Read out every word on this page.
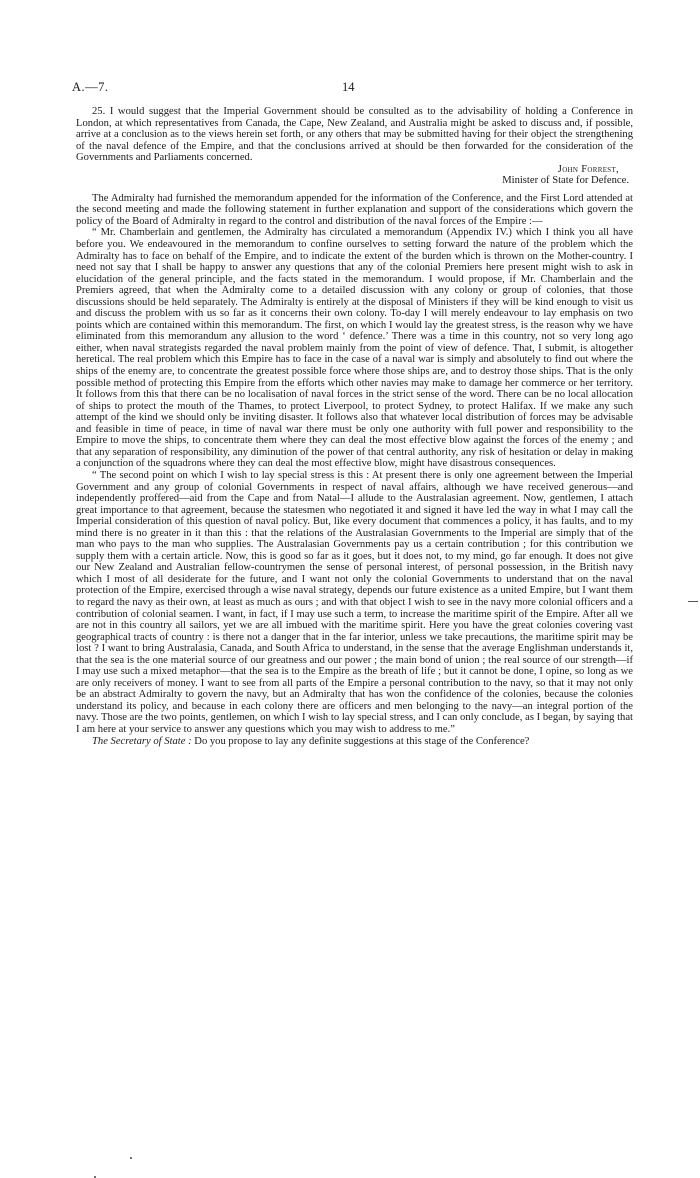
A.—7.	14

25. I would suggest that the Imperial Government should be consulted as to the advisability of holding a Conference in London, at which representatives from Canada, the Cape, New Zealand, and Australia might be asked to discuss and, if possible, arrive at a conclusion as to the views herein set forth, or any others that may be submitted having for their object the strengthening of the naval defence of the Empire, and that the conclusions arrived at should be then forwarded for the consideration of the Governments and Parliaments concerned.

John Forrest,
Minister of State for Defence.

The Admiralty had furnished the memorandum appended for the information of the Conference, and the First Lord attended at the second meeting and made the following statement in further explanation and support of the considerations which govern the policy of the Board of Admiralty in regard to the control and distribution of the naval forces of the Empire :—

“ Mr. Chamberlain and gentlemen, the Admiralty has circulated a memorandum (Appendix IV.) which I think you all have before you. We endeavoured in the memorandum to confine ourselves to setting forward the nature of the problem which the Admiralty has to face on behalf of the Empire, and to indicate the extent of the burden which is thrown on the Mother-country. I need not say that I shall be happy to answer any questions that any of the colonial Premiers here present might wish to ask in elucidation of the general principle, and the facts stated in the memorandum. I would propose, if Mr. Chamberlain and the Premiers agreed, that when the Admiralty come to a detailed discussion with any colony or group of colonies, that those discussions should be held separately. The Admiralty is entirely at the disposal of Ministers if they will be kind enough to visit us and discuss the problem with us so far as it concerns their own colony. To-day I will merely endeavour to lay emphasis on two points which are contained within this memorandum. The first, on which I would lay the greatest stress, is the reason why we have eliminated from this memorandum any allusion to the word ‘ defence.’ There was a time in this country, not so very long ago either, when naval strategists regarded the naval problem mainly from the point of view of defence. That, I submit, is altogether heretical. The real problem which this Empire has to face in the case of a naval war is simply and absolutely to find out where the ships of the enemy are, to concentrate the greatest possible force where those ships are, and to destroy those ships. That is the only possible method of protecting this Empire from the efforts which other navies may make to damage her commerce or her territory. It follows from this that there can be no localisation of naval forces in the strict sense of the word. There can be no local allocation of ships to protect the mouth of the Thames, to protect Liverpool, to protect Sydney, to protect Halifax. If we make any such attempt of the kind we should only be inviting disaster. It follows also that whatever local distribution of forces may be advisable and feasible in time of peace, in time of naval war there must be only one authority with full power and responsibility to the Empire to move the ships, to concentrate them where they can deal the most effective blow against the forces of the enemy ; and that any separation of responsibility, any diminution of the power of that central authority, any risk of hesitation or delay in making a conjunction of the squadrons where they can deal the most effective blow, might have disastrous consequences.

“ The second point on which I wish to lay special stress is this : At present there is only one agreement between the Imperial Government and any group of colonial Governments in respect of naval affairs, although we have received generous—and independently proffered—aid from the Cape and from Natal—I allude to the Australasian agreement. Now, gentlemen, I attach great importance to that agreement, because the statesmen who negotiated it and signed it have led the way in what I may call the Imperial consideration of this question of naval policy. But, like every document that commences a policy, it has faults, and to my mind there is no greater in it than this : that the relations of the Australasian Governments to the Imperial are simply that of the man who pays to the man who supplies. The Australasian Governments pay us a certain contribution ; for this contribution we supply them with a certain article. Now, this is good so far as it goes, but it does not, to my mind, go far enough. It does not give our New Zealand and Australian fellow-countrymen the sense of personal interest, of personal possession, in the British navy which I most of all desiderate for the future, and I want not only the colonial Governments to understand that on the naval protection of the Empire, exercised through a wise naval strategy, depends our future existence as a united Empire, but I want them to regard the navy as their own, at least as much as ours ; and with that object I wish to see in the navy more colonial officers and a contribution of colonial seamen. I want, in fact, if I may use such a term, to increase the maritime spirit of the Empire. After all we are not in this country all sailors, yet we are all imbued with the maritime spirit. Here you have the great colonies covering vast geographical tracts of country : is there not a danger that in the far interior, unless we take precautions, the maritime spirit may be lost ? I want to bring Australasia, Canada, and South Africa to understand, in the sense that the average Englishman understands it, that the sea is the one material source of our greatness and our power ; the main bond of union ; the real source of our strength—if I may use such a mixed metaphor—that the sea is to the Empire as the breath of life ; but it cannot be done, I opine, so long as we are only receivers of money. I want to see from all parts of the Empire a personal contribution to the navy, so that it may not only be an abstract Admiralty to govern the navy, but an Admiralty that has won the confidence of the colonies, because the colonies understand its policy, and because in each colony there are officers and men belonging to the navy—an integral portion of the navy. Those are the two points, gentlemen, on which I wish to lay special stress, and I can only conclude, as I began, by saying that I am here at your service to answer any questions which you may wish to address to me.”

The Secretary of State : Do you propose to lay any definite suggestions at this stage of the Conference?
